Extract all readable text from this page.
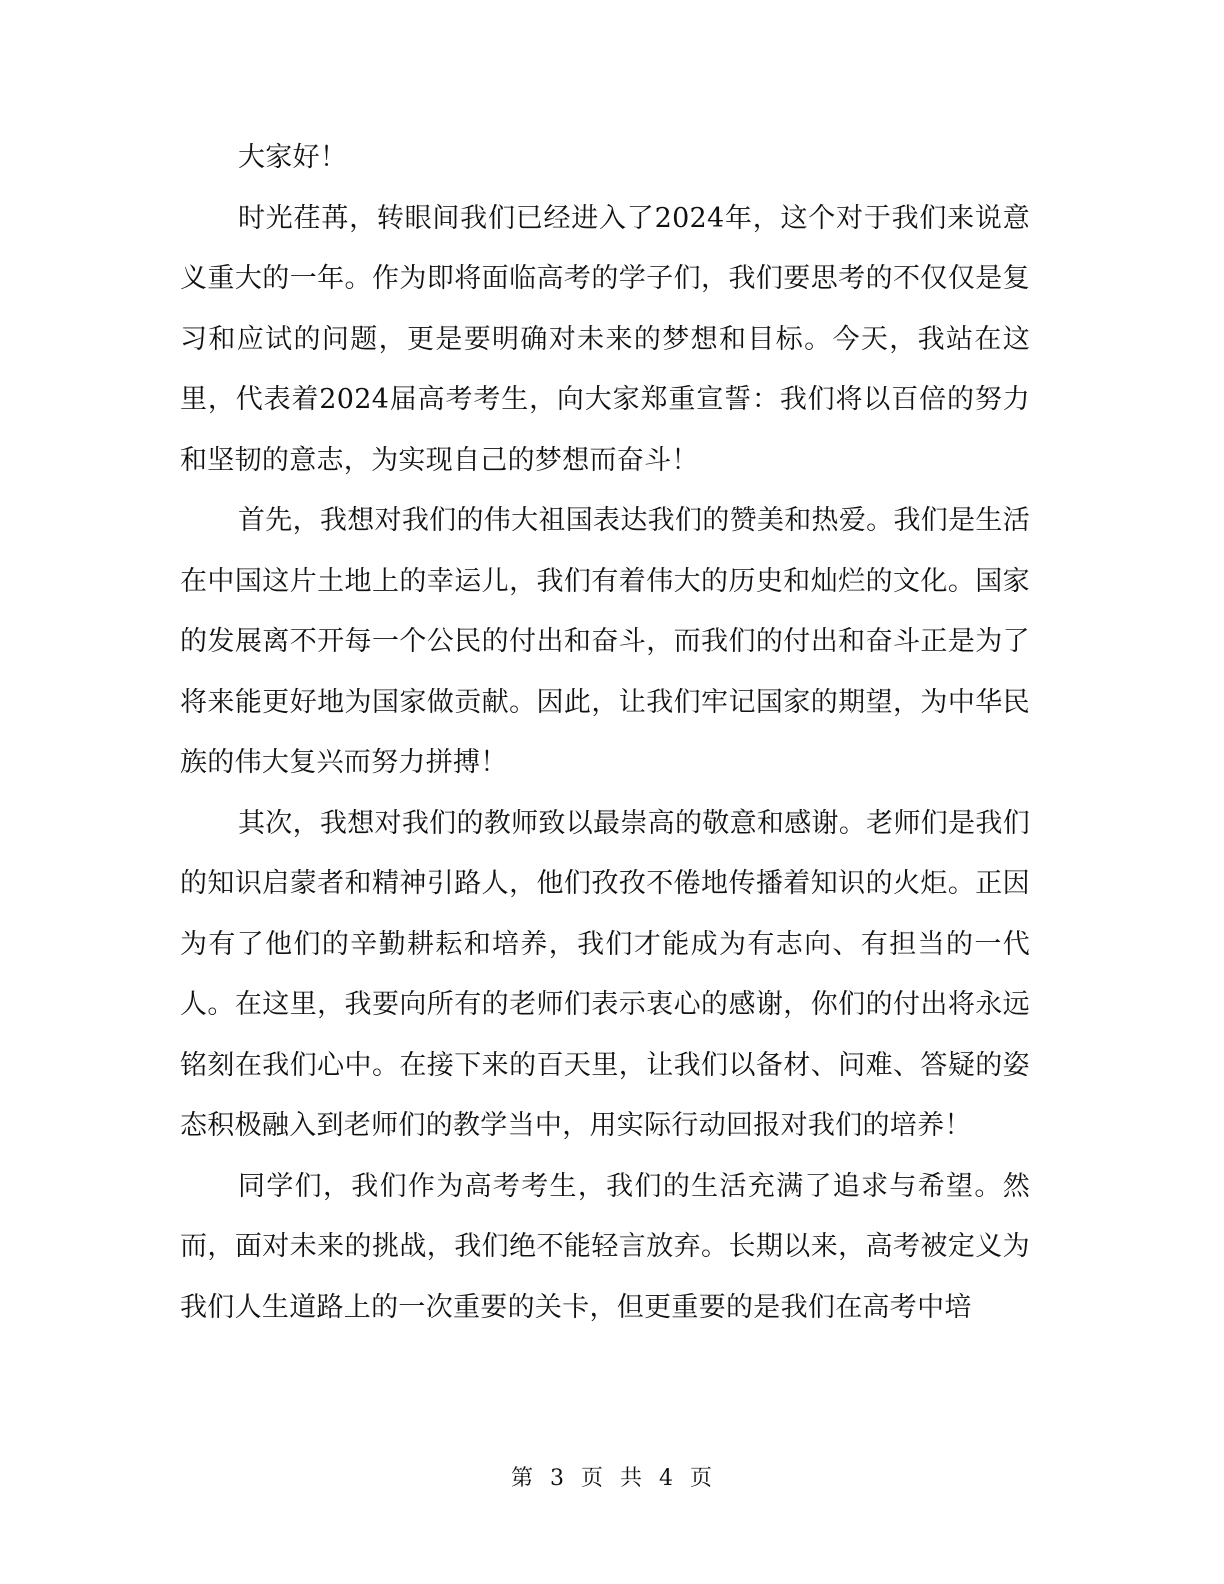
大家好！

时光荏苒，转眼间我们已经进入了2024年，这个对于我们来说意义重大的一年。作为即将面临高考的学子们，我们要思考的不仅仅是复习和应试的问题，更是要明确对未来的梦想和目标。今天，我站在这里，代表着2024届高考考生，向大家郑重宣誓：我们将以百倍的努力和坚韧的意志，为实现自己的梦想而奋斗！

首先，我想对我们的伟大祖国表达我们的赞美和热爱。我们是生活在中国这片土地上的幸运儿，我们有着伟大的历史和灿烂的文化。国家的发展离不开每一个公民的付出和奋斗，而我们的付出和奋斗正是为了将来能更好地为国家做贡献。因此，让我们牢记国家的期望，为中华民族的伟大复兴而努力拼搏！

其次，我想对我们的教师致以最崇高的敬意和感谢。老师们是我们的知识启蒙者和精神引路人，他们孜孜不倦地传播着知识的火炬。正因为有了他们的辛勤耕耘和培养，我们才能成为有志向、有担当的一代人。在这里，我要向所有的老师们表示衷心的感谢，你们的付出将永远铭刻在我们心中。在接下来的百天里，让我们以备材、问难、答疑的姿态积极融入到老师们的教学当中，用实际行动回报对我们的培养！

同学们，我们作为高考考生，我们的生活充满了追求与希望。然而，面对未来的挑战，我们绝不能轻言放弃。长期以来，高考被定义为我们人生道路上的一次重要的关卡，但更重要的是我们在高考中培

第 3 页 共 4 页
